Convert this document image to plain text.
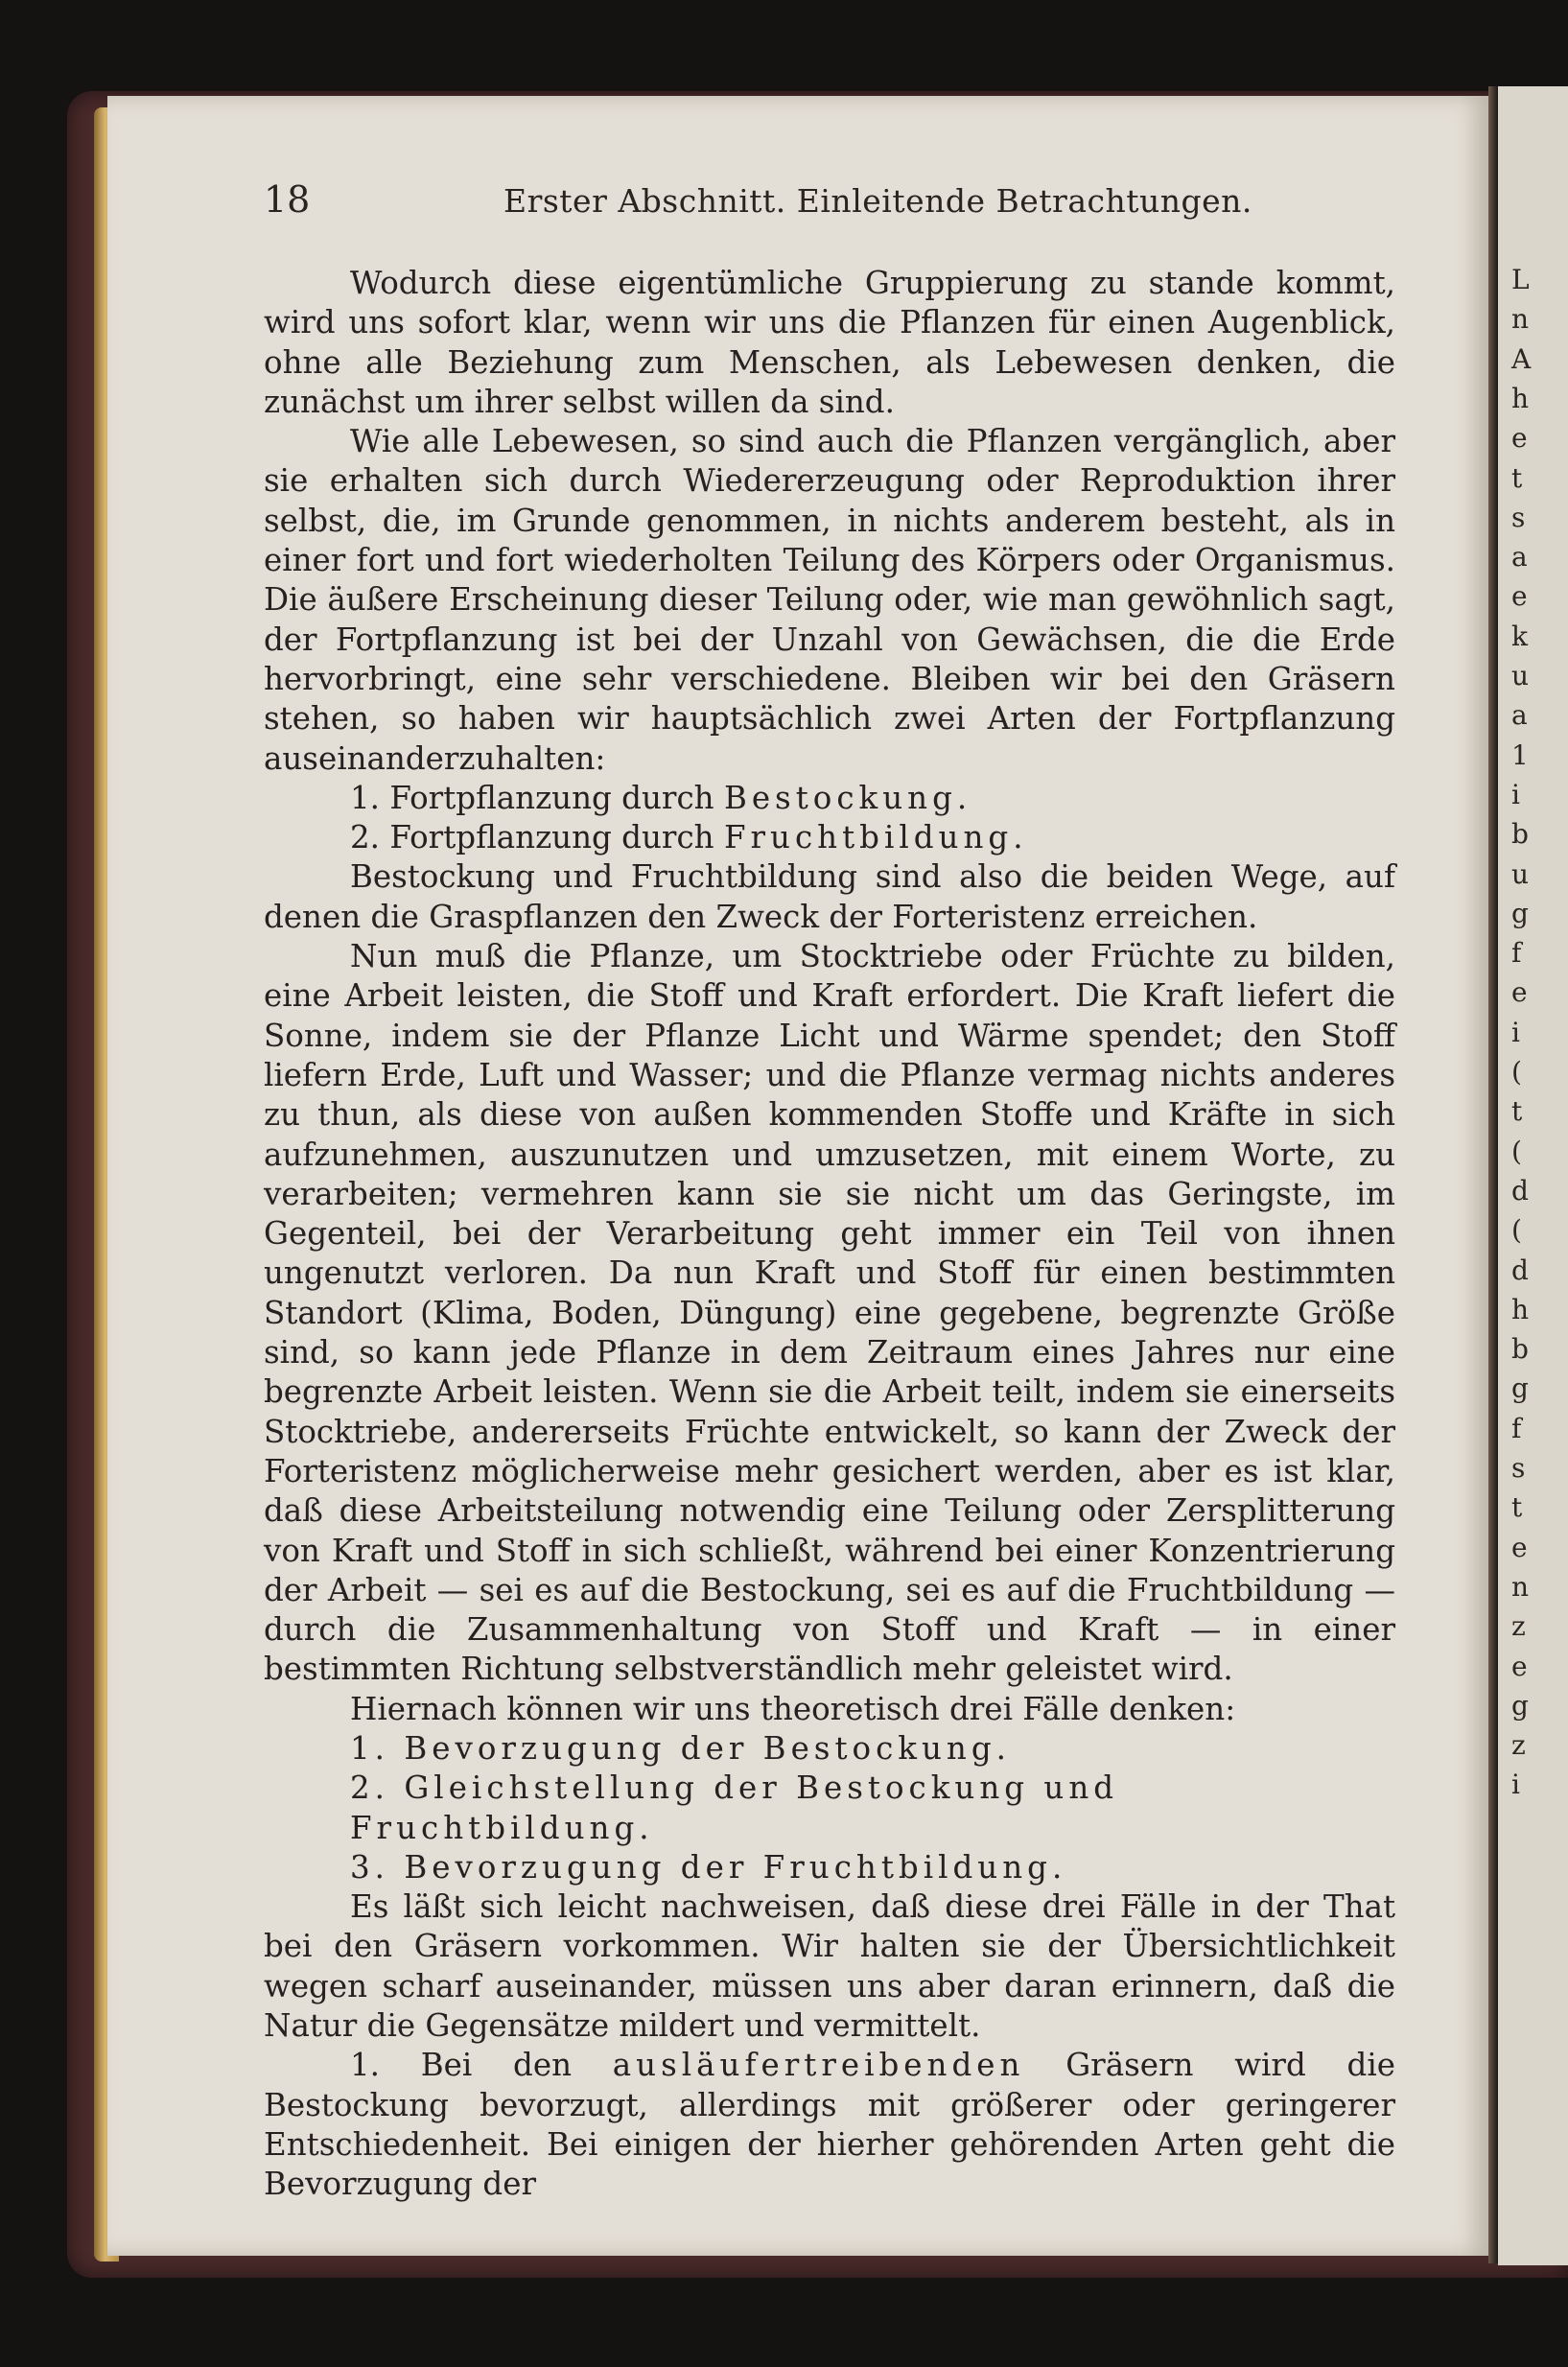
L
n
A
h
e
t
s
a
e
k
u
a
1
i
b
u
g
f
e
i
(
t
(
d
(
d
h
b
g
f
s
t
e
n
z
e
g
z
i
18	Erster Abschnitt. Einleitende Betrachtungen.

Wodurch diese eigentümliche Gruppierung zu stande kommt, wird uns sofort klar, wenn wir uns die Pflanzen für einen Augenblick, ohne alle Beziehung zum Menschen, als Lebewesen denken, die zunächst um ihrer selbst willen da sind.

Wie alle Lebewesen, so sind auch die Pflanzen vergänglich, aber sie erhalten sich durch Wiedererzeugung oder Reproduktion ihrer selbst, die, im Grunde genommen, in nichts anderem besteht, als in einer fort und fort wiederholten Teilung des Körpers oder Organismus. Die äußere Erscheinung dieser Teilung oder, wie man gewöhnlich sagt, der Fortpflanzung ist bei der Unzahl von Gewächsen, die die Erde hervorbringt, eine sehr verschiedene. Bleiben wir bei den Gräsern stehen, so haben wir hauptsächlich zwei Arten der Fortpflanzung auseinanderzuhalten:

1. Fortpflanzung durch Bestockung.
2. Fortpflanzung durch Fruchtbildung.

Bestockung und Fruchtbildung sind also die beiden Wege, auf denen die Graspflanzen den Zweck der Forteristenz erreichen.

Nun muß die Pflanze, um Stocktriebe oder Früchte zu bilden, eine Arbeit leisten, die Stoff und Kraft erfordert. Die Kraft liefert die Sonne, indem sie der Pflanze Licht und Wärme spendet; den Stoff liefern Erde, Luft und Wasser; und die Pflanze vermag nichts anderes zu thun, als diese von außen kommenden Stoffe und Kräfte in sich aufzunehmen, auszunutzen und umzusetzen, mit einem Worte, zu verarbeiten; vermehren kann sie sie nicht um das Geringste, im Gegenteil, bei der Verarbeitung geht immer ein Teil von ihnen ungenutzt verloren. Da nun Kraft und Stoff für einen bestimmten Standort (Klima, Boden, Düngung) eine gegebene, begrenzte Größe sind, so kann jede Pflanze in dem Zeitraum eines Jahres nur eine begrenzte Arbeit leisten. Wenn sie die Arbeit teilt, indem sie einerseits Stocktriebe, andererseits Früchte entwickelt, so kann der Zweck der Forteristenz möglicherweise mehr gesichert werden, aber es ist klar, daß diese Arbeitsteilung notwendig eine Teilung oder Zersplitterung von Kraft und Stoff in sich schließt, während bei einer Konzentrierung der Arbeit — sei es auf die Bestockung, sei es auf die Fruchtbildung — durch die Zusammenhaltung von Stoff und Kraft — in einer bestimmten Richtung selbstverständlich mehr geleistet wird.

Hiernach können wir uns theoretisch drei Fälle denken:

1. Bevorzugung der Bestockung.
2. Gleichstellung der Bestockung und Fruchtbildung.
3. Bevorzugung der Fruchtbildung.

Es läßt sich leicht nachweisen, daß diese drei Fälle in der That bei den Gräsern vorkommen. Wir halten sie der Übersichtlichkeit wegen scharf auseinander, müssen uns aber daran erinnern, daß die Natur die Gegensätze mildert und vermittelt.

1. Bei den ausläufertreibenden Gräsern wird die Bestockung bevorzugt, allerdings mit größerer oder geringerer Entschiedenheit. Bei einigen der hierher gehörenden Arten geht die Bevorzugung der
